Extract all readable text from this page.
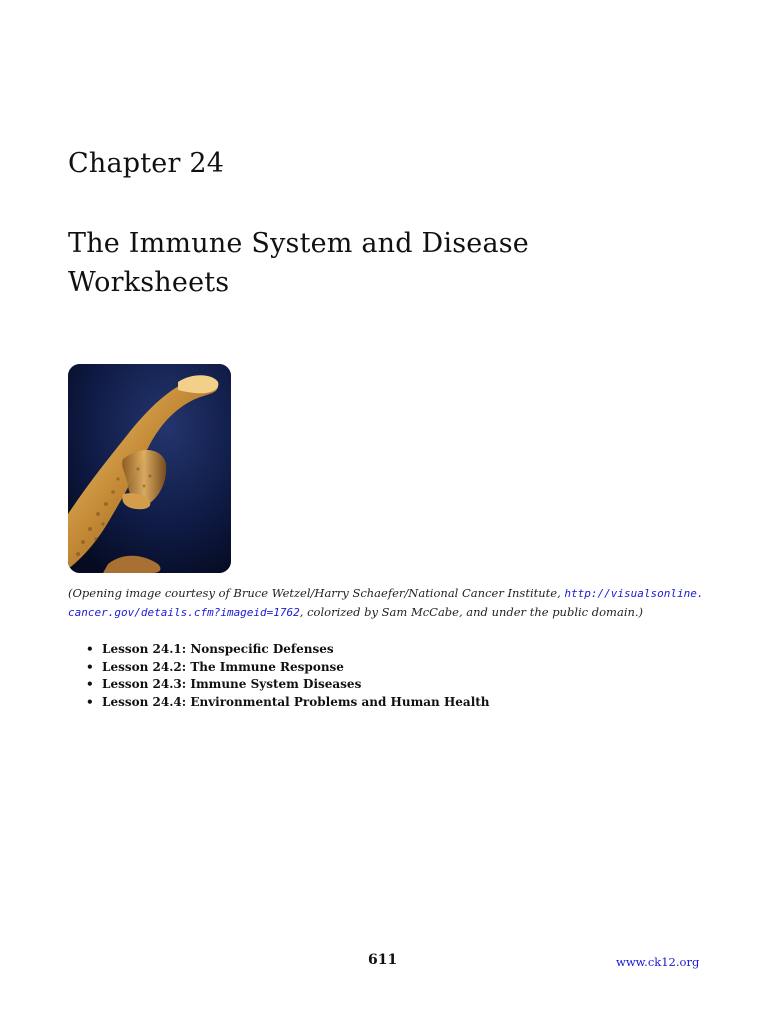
Chapter 24
The Immune System and Disease Worksheets
(Opening image courtesy of Bruce Wetzel/Harry Schaefer/National Cancer Institute, http://visualsonline.
cancer.gov/details.cfm?imageid=1762, colorized by Sam McCabe, and under the public domain.)
• Lesson 24.1: Nonspecific Defenses
• Lesson 24.2: The Immune Response
• Lesson 24.3: Immune System Diseases
• Lesson 24.4: Environmental Problems and Human Health
611	www.ck12.org
